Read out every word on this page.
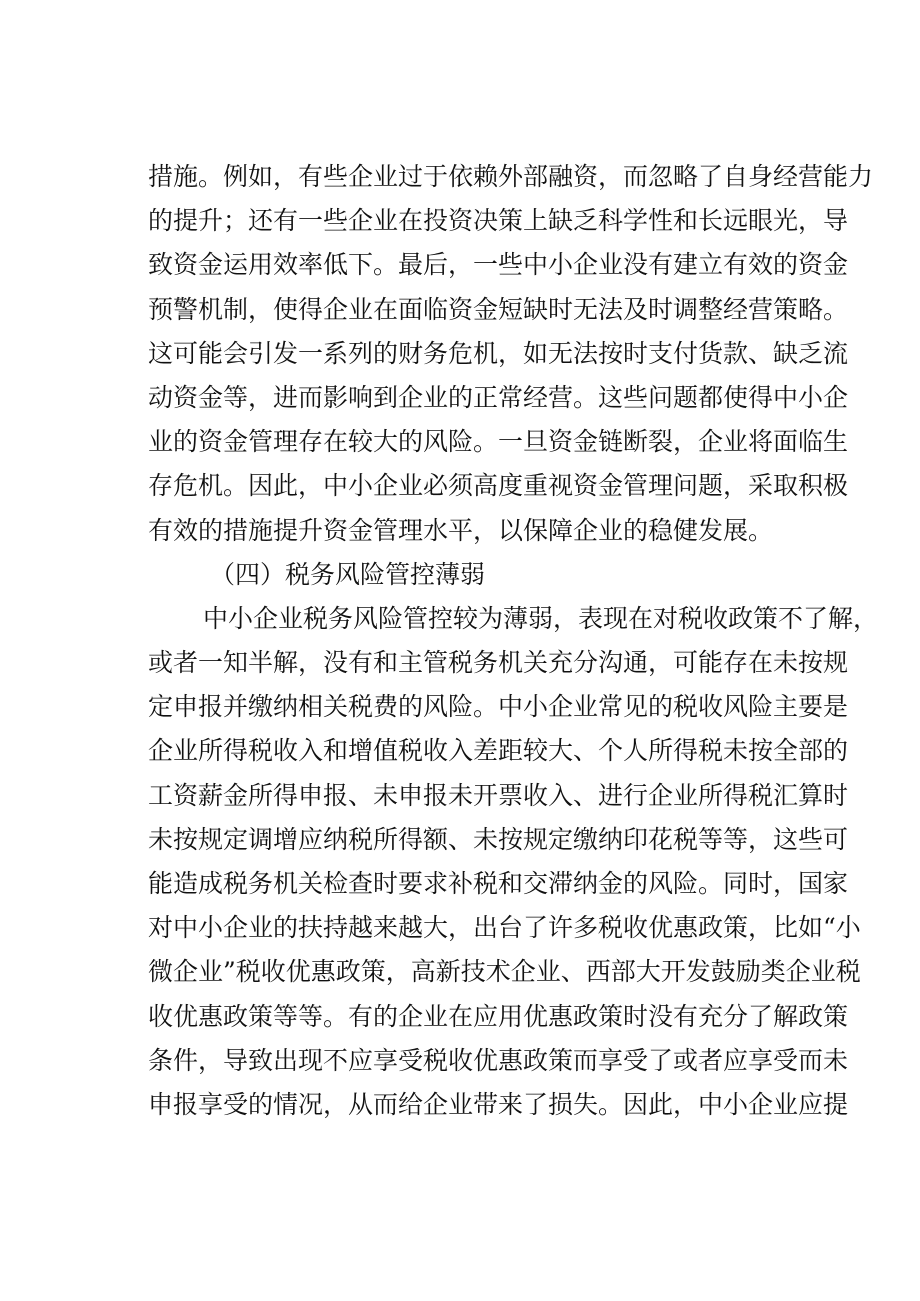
措施。例如，有些企业过于依赖外部融资，而忽略了自身经营能力
的提升；还有一些企业在投资决策上缺乏科学性和长远眼光，导
致资金运用效率低下。最后，一些中小企业没有建立有效的资金
预警机制，使得企业在面临资金短缺时无法及时调整经营策略。
这可能会引发一系列的财务危机，如无法按时支付货款、缺乏流
动资金等，进而影响到企业的正常经营。这些问题都使得中小企
业的资金管理存在较大的风险。一旦资金链断裂，企业将面临生
存危机。因此，中小企业必须高度重视资金管理问题，采取积极
有效的措施提升资金管理水平，以保障企业的稳健发展。
（四）税务风险管控薄弱
中小企业税务风险管控较为薄弱，表现在对税收政策不了解，
或者一知半解，没有和主管税务机关充分沟通，可能存在未按规
定申报并缴纳相关税费的风险。中小企业常见的税收风险主要是
企业所得税收入和增值税收入差距较大、个人所得税未按全部的
工资薪金所得申报、未申报未开票收入、进行企业所得税汇算时
未按规定调增应纳税所得额、未按规定缴纳印花税等等，这些可
能造成税务机关检查时要求补税和交滞纳金的风险。同时，国家
对中小企业的扶持越来越大，出台了许多税收优惠政策，比如“小
微企业”税收优惠政策，高新技术企业、西部大开发鼓励类企业税
收优惠政策等等。有的企业在应用优惠政策时没有充分了解政策
条件，导致出现不应享受税收优惠政策而享受了或者应享受而未
申报享受的情况，从而给企业带来了损失。因此，中小企业应提
